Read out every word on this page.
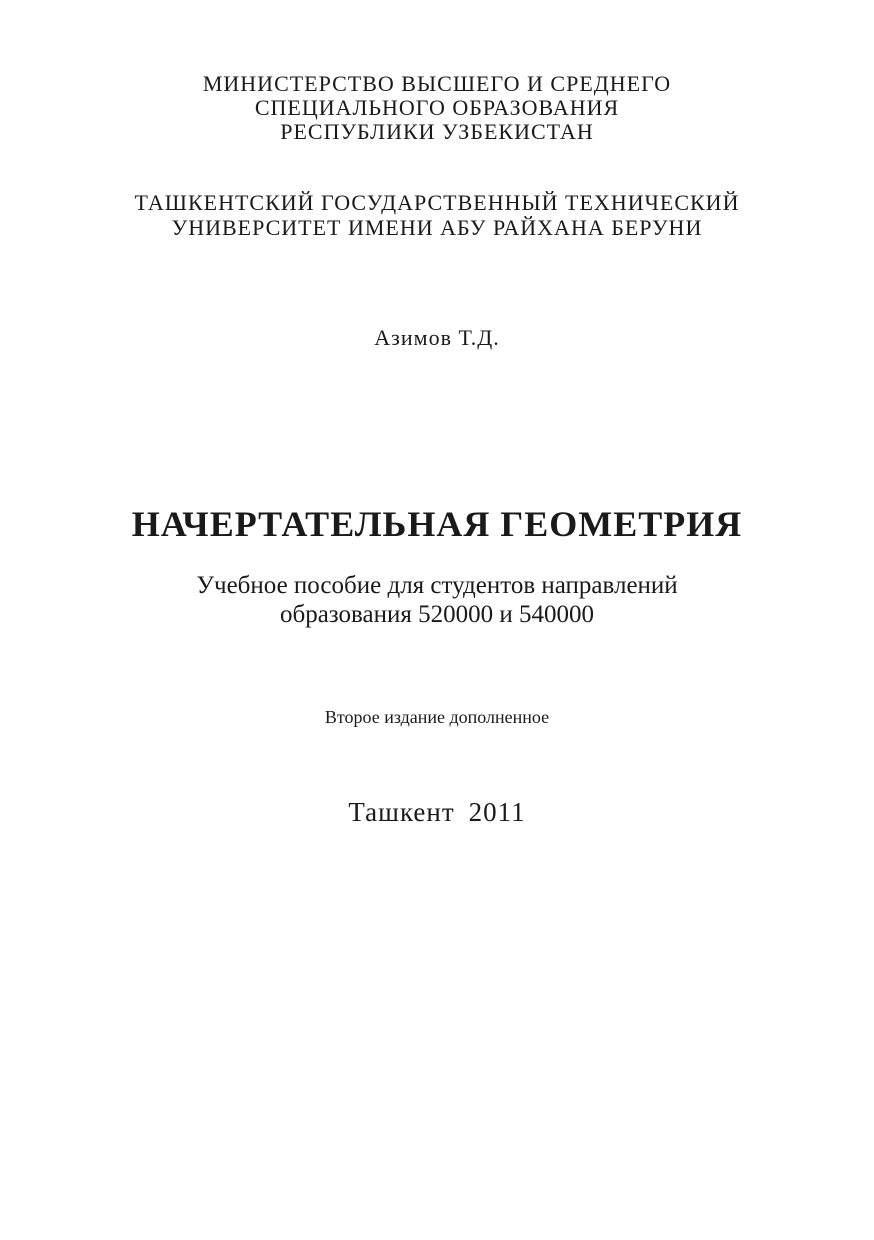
МИНИСТЕРСТВО ВЫСШЕГО И СРЕДНЕГО
СПЕЦИАЛЬНОГО ОБРАЗОВАНИЯ
РЕСПУБЛИКИ УЗБЕКИСТАН
ТАШКЕНТСКИЙ ГОСУДАРСТВЕННЫЙ ТЕХНИЧЕСКИЙ
УНИВЕРСИТЕТ ИМЕНИ АБУ РАЙХАНА БЕРУНИ
Азимов Т.Д.
НАЧЕРТАТЕЛЬНАЯ ГЕОМЕТРИЯ
Учебное пособие для студентов направлений
образования 520000 и 540000
Второе издание дополненное
Ташкент 2011
